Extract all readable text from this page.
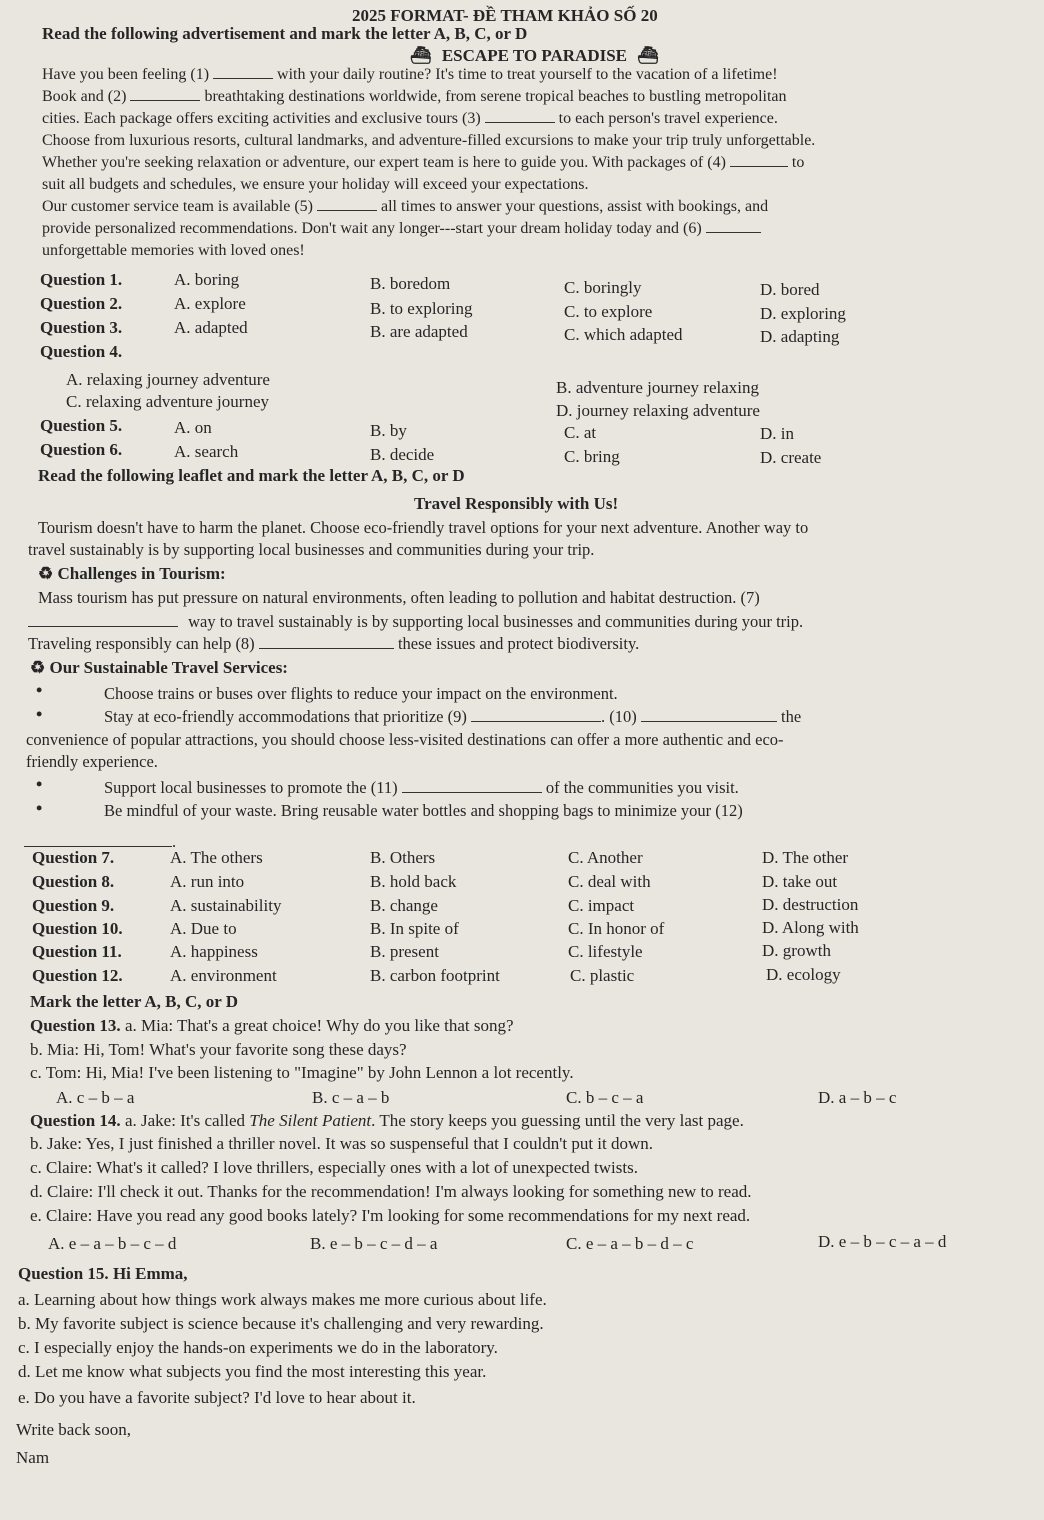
2025 FORMAT- ĐỀ THAM KHẢO SỐ 20
Read the following advertisement and mark the letter A, B, C, or D
⛴ ESCAPE TO PARADISE ⛴
Have you been feeling (1)	with your daily routine? It's time to treat yourself to the vacation of a lifetime!
Book and (2)	breathtaking destinations worldwide, from serene tropical beaches to bustling metropolitan
cities. Each package offers exciting activities and exclusive tours (3)	to each person's travel experience.
Choose from luxurious resorts, cultural landmarks, and adventure-filled excursions to make your trip truly unforgettable.
Whether you're seeking relaxation or adventure, our expert team is here to guide you. With packages of (4)	to
suit all budgets and schedules, we ensure your holiday will exceed your expectations.
Our customer service team is available (5)	all times to answer your questions, assist with bookings, and
provide personalized recommendations. Don't wait any longer---start your dream holiday today and (6)
unforgettable memories with loved ones!
Question 1.	A. boring	B. boredom	C. boringly	D. bored
Question 2.	A. explore	B. to exploring	C. to explore	D. exploring
Question 3.	A. adapted	B. are adapted	C. which adapted	D. adapting
Question 4.
A. relaxing journey adventure	B. adventure journey relaxing
C. relaxing adventure journey	D. journey relaxing adventure
Question 5.	A. on	B. by	C. at	D. in
Question 6.	A. search	B. decide	C. bring	D. create
Read the following leaflet and mark the letter A, B, C, or D
Travel Responsibly with Us!
Tourism doesn't have to harm the planet. Choose eco-friendly travel options for your next adventure. Another way to
travel sustainably is by supporting local businesses and communities during your trip.
♻ Challenges in Tourism:
Mass tourism has put pressure on natural environments, often leading to pollution and habitat destruction. (7)
way to travel sustainably is by supporting local businesses and communities during your trip.
Traveling responsibly can help (8)	these issues and protect biodiversity.
♻ Our Sustainable Travel Services:
•	Choose trains or buses over flights to reduce your impact on the environment.
•	Stay at eco-friendly accommodations that prioritize (9)	. (10)	the
convenience of popular attractions, you should choose less-visited destinations can offer a more authentic and eco-
friendly experience.
•	Support local businesses to promote the (11)	of the communities you visit.
•	Be mindful of your waste. Bring reusable water bottles and shopping bags to minimize your (12)
.
Question 7.	A. The others	B. Others	C. Another	D. The other
Question 8.	A. run into	B. hold back	C. deal with	D. take out
Question 9.	A. sustainability	B. change	C. impact	D. destruction
Question 10.	A. Due to	B. In spite of	C. In honor of	D. Along with
Question 11.	A. happiness	B. present	C. lifestyle	D. growth
Question 12.	A. environment	B. carbon footprint	C. plastic	D. ecology
Mark the letter A, B, C, or D
Question 13. a. Mia: That's a great choice! Why do you like that song?
b. Mia: Hi, Tom! What's your favorite song these days?
c. Tom: Hi, Mia! I've been listening to "Imagine" by John Lennon a lot recently.
A. c – b – a	B. c – a – b	C. b – c – a	D. a – b – c
Question 14. a. Jake: It's called The Silent Patient. The story keeps you guessing until the very last page.
b. Jake: Yes, I just finished a thriller novel. It was so suspenseful that I couldn't put it down.
c. Claire: What's it called? I love thrillers, especially ones with a lot of unexpected twists.
d. Claire: I'll check it out. Thanks for the recommendation! I'm always looking for something new to read.
e. Claire: Have you read any good books lately? I'm looking for some recommendations for my next read.
A. e – a – b – c – d	B. e – b – c – d – a	C. e – a – b – d – c	D. e – b – c – a – d
Question 15. Hi Emma,
a. Learning about how things work always makes me more curious about life.
b. My favorite subject is science because it's challenging and very rewarding.
c. I especially enjoy the hands-on experiments we do in the laboratory.
d. Let me know what subjects you find the most interesting this year.
e. Do you have a favorite subject? I'd love to hear about it.
Write back soon,
Nam
